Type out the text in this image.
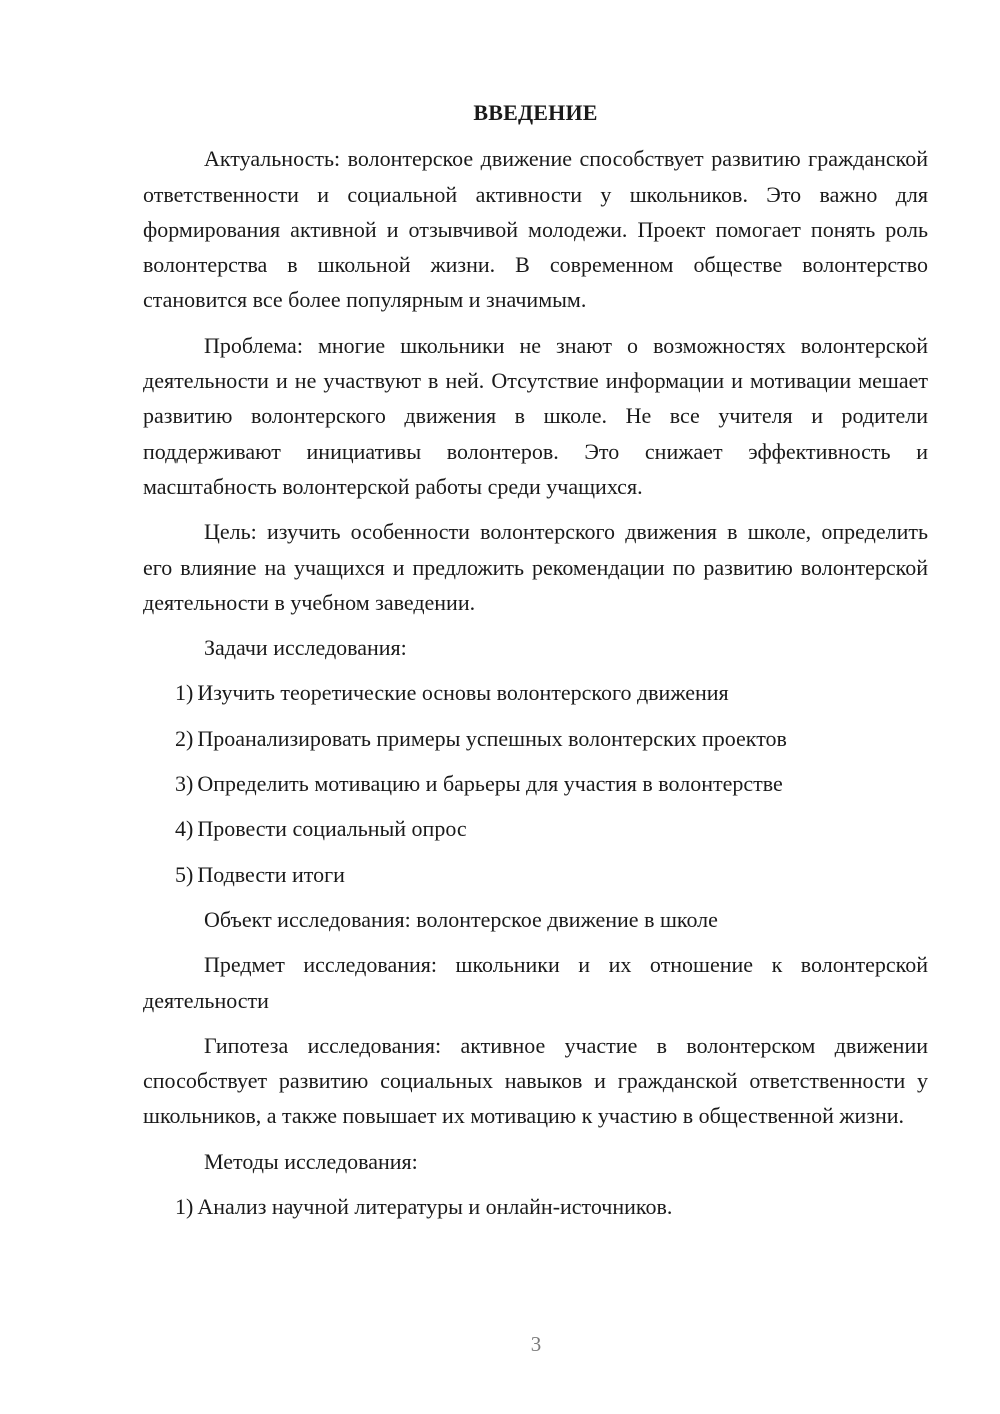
ВВЕДЕНИЕ
Актуальность: волонтерское движение способствует развитию гражданской ответственности и социальной активности у школьников. Это важно для формирования активной и отзывчивой молодежи. Проект помогает понять роль волонтерства в школьной жизни. В современном обществе волонтерство становится все более популярным и значимым.
Проблема: многие школьники не знают о возможностях волонтерской деятельности и не участвуют в ней. Отсутствие информации и мотивации мешает развитию волонтерского движения в школе. Не все учителя и родители поддерживают инициативы волонтеров. Это снижает эффективность и масштабность волонтерской работы среди учащихся.
Цель: изучить особенности волонтерского движения в школе, определить его влияние на учащихся и предложить рекомендации по развитию волонтерской деятельности в учебном заведении.
Задачи исследования:
1) Изучить теоретические основы волонтерского движения
2) Проанализировать примеры успешных волонтерских проектов
3) Определить мотивацию и барьеры для участия в волонтерстве
4) Провести социальный опрос
5) Подвести итоги
Объект исследования: волонтерское движение в школе
Предмет исследования: школьники и их отношение к волонтерской деятельности
Гипотеза исследования: активное участие в волонтерском движении способствует развитию социальных навыков и гражданской ответственности у школьников, а также повышает их мотивацию к участию в общественной жизни.
Методы исследования:
1) Анализ научной литературы и онлайн-источников.
3
